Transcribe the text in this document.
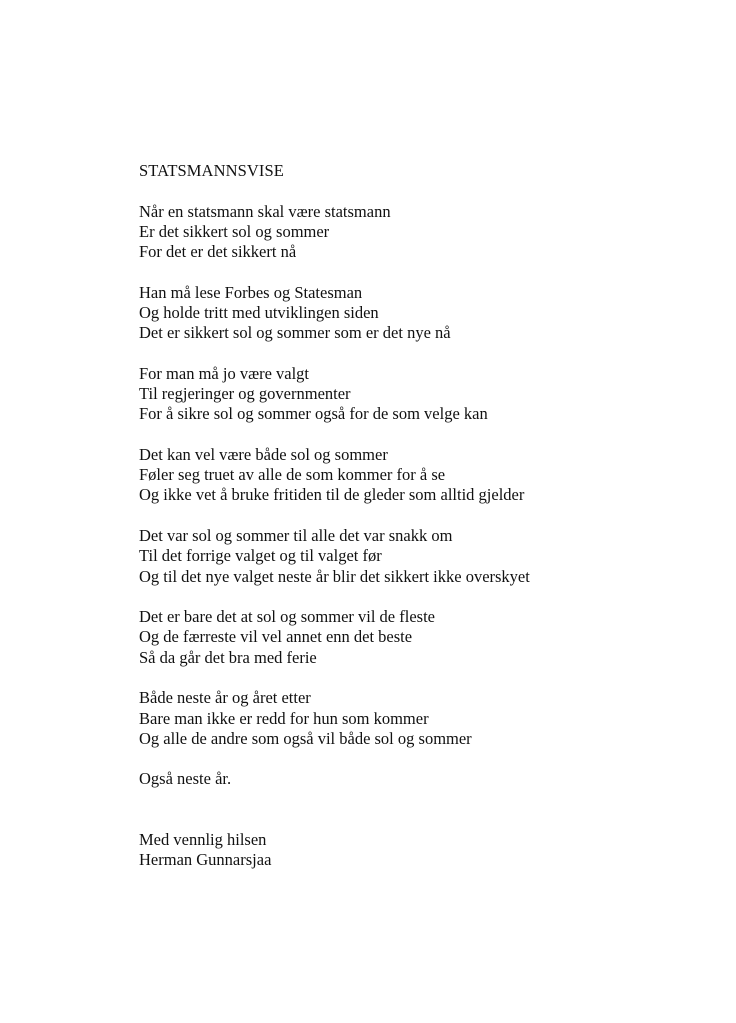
STATSMANNSVISE
Når en statsmann skal være statsmann
Er det sikkert sol og sommer
For det er det sikkert nå
Han må lese Forbes og Statesman
Og holde tritt med utviklingen siden
Det er sikkert sol og sommer som er det nye nå
For man må jo være valgt
Til regjeringer og governmenter
For å sikre sol og sommer også for de som velge kan
Det kan vel være både sol og sommer
Føler seg truet av alle de som kommer for å se
Og ikke vet å bruke fritiden til de gleder som alltid gjelder
Det var sol og sommer til alle det var snakk om
Til det forrige valget og til valget før
Og til det nye valget neste år blir det sikkert ikke overskyet
Det er bare det at sol og sommer vil de fleste
Og de færreste vil vel annet enn det beste
Så da går det bra med ferie
Både neste år og året etter
Bare man ikke er redd for hun som kommer
Og alle de andre som også vil både sol og sommer
Også neste år.
Med vennlig hilsen
Herman Gunnarsjaa
